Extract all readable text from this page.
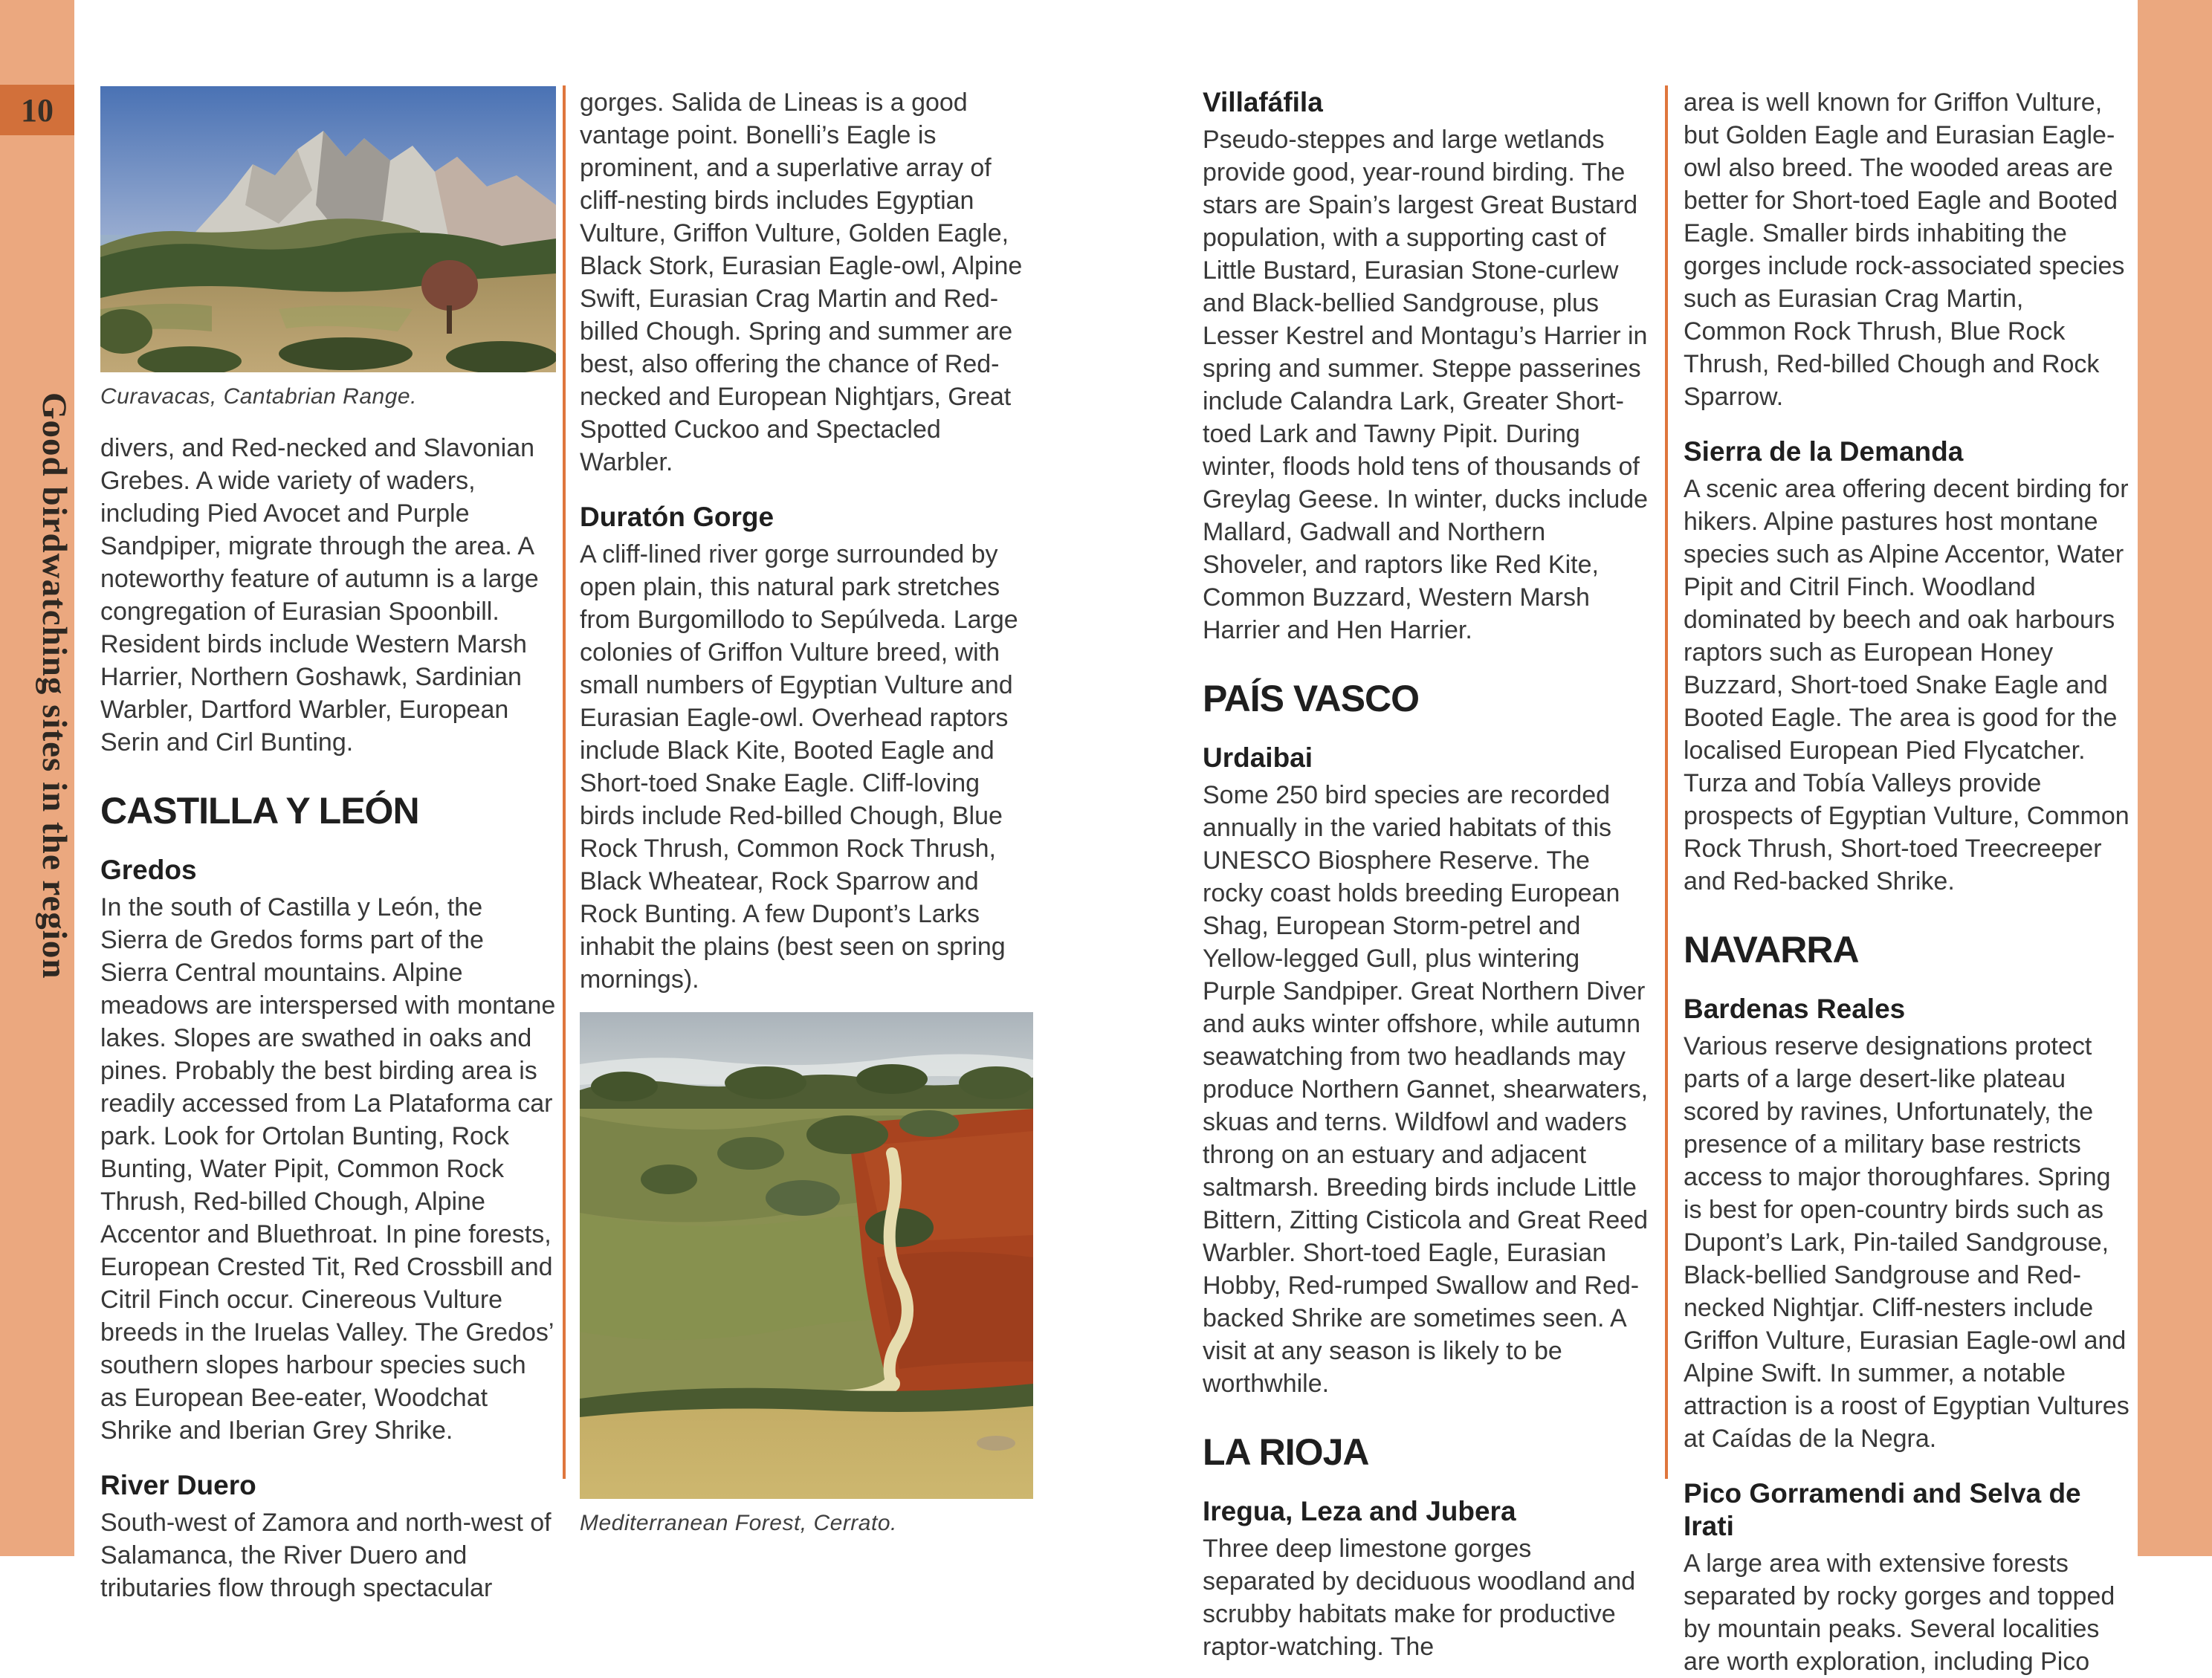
10
Good birdwatching sites in the region Curavacas, Cantabrian Range.

divers, and Red-necked and Slavonian Grebes. A wide variety of waders, including Pied Avocet and Purple Sandpiper, migrate through the area. A noteworthy feature of autumn is a large congregation of Eurasian Spoonbill. Resident birds include Western Marsh Harrier, Northern Goshawk, Sardinian Warbler, Dartford Warbler, European Serin and Cirl Bunting.

CASTILLA Y LEÓN
Gredos

In the south of Castilla y León, the Sierra de Gredos forms part of the Sierra Central mountains. Alpine meadows are interspersed with montane lakes. Slopes are swathed in oaks and pines. Probably the best birding area is readily accessed from La Plataforma car park. Look for Ortolan Bunting, Rock Bunting, Water Pipit, Common Rock Thrush, Red-billed Chough, Alpine Accentor and Bluethroat. In pine forests, European Crested Tit, Red Crossbill and Citril Finch occur. Cinereous Vulture breeds in the Iruelas Valley. The Gredos’ southern slopes harbour species such as European Bee-eater, Woodchat Shrike and Iberian Grey Shrike.

River Duero

South-west of Zamora and north-west of Salamanca, the River Duero and tributaries flow through spectacular

gorges. Salida de Lineas is a good vantage point. Bonelli’s Eagle is prominent, and a superlative array of cliff-nesting birds includes Egyptian Vulture, Griffon Vulture, Golden Eagle, Black Stork, Eurasian Eagle-owl, Alpine Swift, Eurasian Crag Martin and Red-billed Chough. Spring and summer are best, also offering the chance of Red-necked and European Nightjars, Great Spotted Cuckoo and Spectacled Warbler.

Duratón Gorge

A cliff-lined river gorge surrounded by open plain, this natural park stretches from Burgomillodo to Sepúlveda. Large colonies of Griffon Vulture breed, with small numbers of Egyptian Vulture and Eurasian Eagle-owl. Overhead raptors include Black Kite, Booted Eagle and Short-toed Snake Eagle. Cliff-loving birds include Red-billed Chough, Blue Rock Thrush, Common Rock Thrush, Black Wheatear, Rock Sparrow and Rock Bunting. A few Dupont’s Larks inhabit the plains (best seen on spring mornings).

Mediterranean Forest, Cerrato.
Villafáfila

Pseudo-steppes and large wetlands provide good, year-round birding. The stars are Spain’s largest Great Bustard population, with a supporting cast of Little Bustard, Eurasian Stone-curlew and Black-bellied Sandgrouse, plus Lesser Kestrel and Montagu’s Harrier in spring and summer. Steppe passerines include Calandra Lark, Greater Short-toed Lark and Tawny Pipit. During winter, floods hold tens of thousands of Greylag Geese. In winter, ducks include Mallard, Gadwall and Northern Shoveler, and raptors like Red Kite, Common Buzzard, Western Marsh Harrier and Hen Harrier.

PAÍS VASCO
Urdaibai

Some 250 bird species are recorded annually in the varied habitats of this UNESCO Biosphere Reserve. The rocky coast holds breeding European Shag, European Storm-petrel and Yellow-legged Gull, plus wintering Purple Sandpiper. Great Northern Diver and auks winter offshore, while autumn seawatching from two headlands may produce Northern Gannet, shearwaters, skuas and terns. Wildfowl and waders throng on an estuary and adjacent saltmarsh. Breeding birds include Little Bittern, Zitting Cisticola and Great Reed Warbler. Short-toed Eagle, Eurasian Hobby, Red-rumped Swallow and Red-backed Shrike are sometimes seen. A visit at any season is likely to be worthwhile.

LA RIOJA
Iregua, Leza and Jubera

Three deep limestone gorges separated by deciduous woodland and scrubby habitats make for productive raptor-watching. The

area is well known for Griffon Vulture, but Golden Eagle and Eurasian Eagle-owl also breed. The wooded areas are better for Short-toed Eagle and Booted Eagle. Smaller birds inhabiting the gorges include rock-associated species such as Eurasian Crag Martin, Common Rock Thrush, Blue Rock Thrush, Red-billed Chough and Rock Sparrow.

Sierra de la Demanda

A scenic area offering decent birding for hikers. Alpine pastures host montane species such as Alpine Accentor, Water Pipit and Citril Finch. Woodland dominated by beech and oak harbours raptors such as European Honey Buzzard, Short-toed Snake Eagle and Booted Eagle. The area is good for the localised European Pied Flycatcher. Turza and Tobía Valleys provide prospects of Egyptian Vulture, Common Rock Thrush, Short-toed Treecreeper and Red-backed Shrike.

NAVARRA
Bardenas Reales

Various reserve designations protect parts of a large desert-like plateau scored by ravines, Unfortunately, the presence of a military base restricts access to major thoroughfares. Spring is best for open-country birds such as Dupont’s Lark, Pin-tailed Sandgrouse, Black-bellied Sandgrouse and Red-necked Nightjar. Cliff-nesters include Griffon Vulture, Eurasian Eagle-owl and Alpine Swift. In summer, a notable attraction is a roost of Egyptian Vultures at Caídas de la Negra.

Pico Gorramendi and Selva de Irati

A large area with extensive forests separated by rocky gorges and topped by mountain peaks. Several localities are worth exploration, including Pico
